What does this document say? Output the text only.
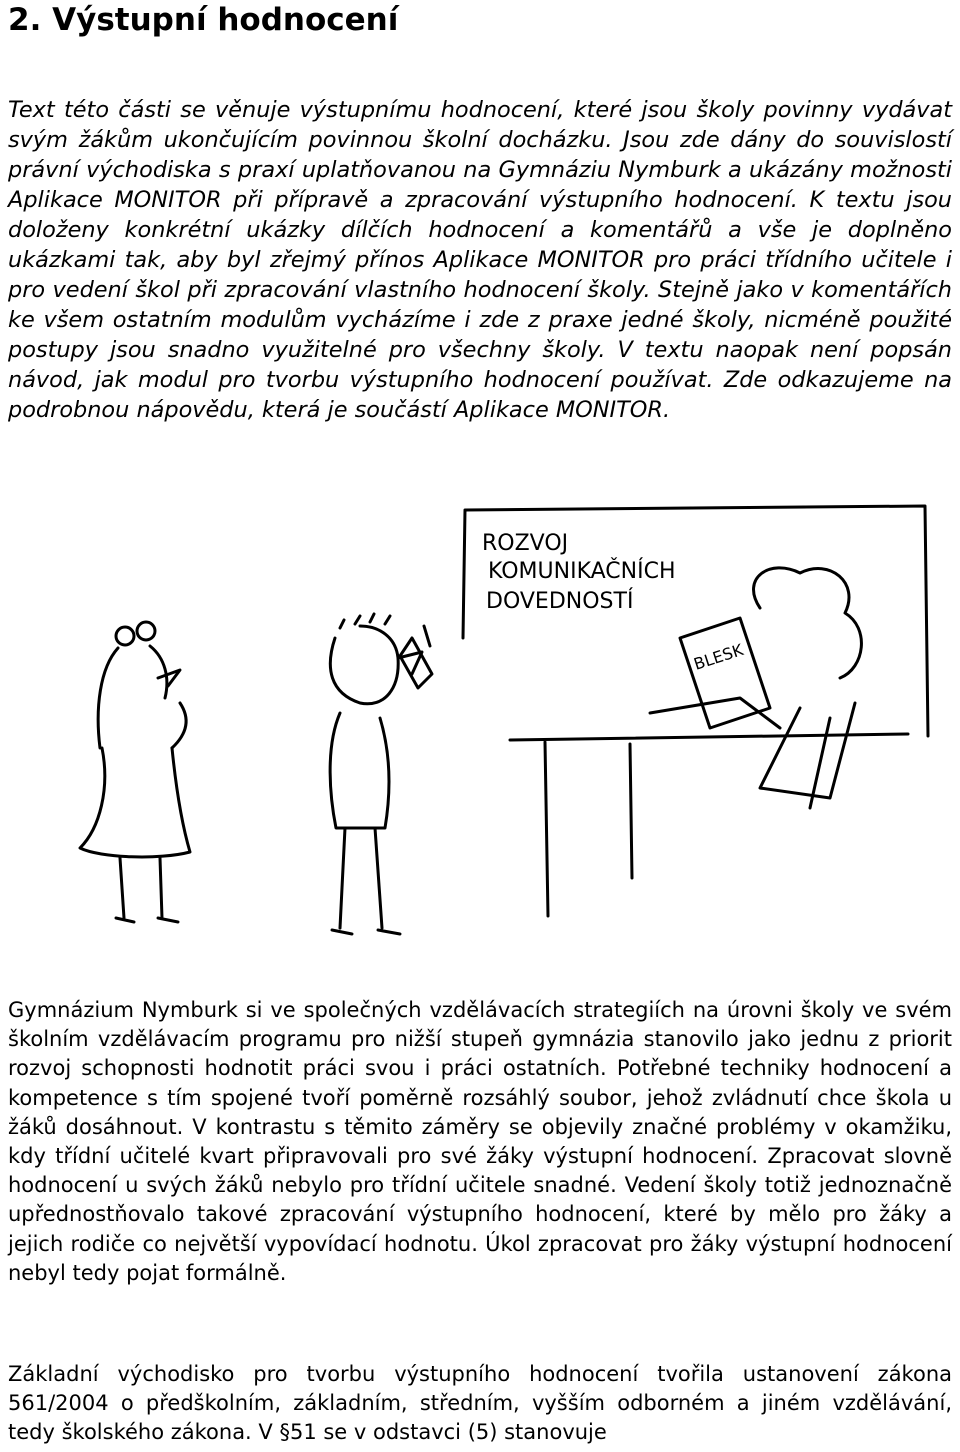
2. Výstupní hodnocení

Text této části se věnuje výstupnímu hodnocení, které jsou školy povinny vydávat svým žákům ukončujícím povinnou školní docházku. Jsou zde dány do souvislostí právní východiska s praxí uplatňovanou na Gymnáziu Nymburk a ukázány možnosti Aplikace MONITOR při přípravě a zpracování výstupního hodnocení. K textu jsou doloženy konkrétní ukázky dílčích hodnocení a komentářů a vše je doplněno ukázkami tak, aby byl zřejmý přínos Aplikace MONITOR pro práci třídního učitele i pro vedení škol při zpracování vlastního hodnocení školy. Stejně jako v komentářích ke všem ostatním modulům vycházíme i zde z praxe jedné školy, nicméně použité postupy jsou snadno využitelné pro všechny školy. V textu naopak není popsán návod, jak modul pro tvorbu výstupního hodnocení používat. Zde odkazujeme na podrobnou nápovědu, která je součástí Aplikace MONITOR.

ROZVOJ
KOMUNIKAČNÍCH
DOVEDNOSTÍ
BLESK

Gymnázium Nymburk si ve společných vzdělávacích strategiích na úrovni školy ve svém školním vzdělávacím programu pro nižší stupeň gymnázia stanovilo jako jednu z priorit rozvoj schopnosti hodnotit práci svou i práci ostatních. Potřebné techniky hodnocení a kompetence s tím spojené tvoří poměrně rozsáhlý soubor, jehož zvládnutí chce škola u žáků dosáhnout. V kontrastu s těmito záměry se objevily značné problémy v okamžiku, kdy třídní učitelé kvart připravovali pro své žáky výstupní hodnocení. Zpracovat slovně hodnocení u svých žáků nebylo pro třídní učitele snadné. Vedení školy totiž jednoznačně upřednostňovalo takové zpracování výstupního hodnocení, které by mělo pro žáky a jejich rodiče co největší vypovídací hodnotu. Úkol zpracovat pro žáky výstupní hodnocení nebyl tedy pojat formálně.

Základní východisko pro tvorbu výstupního hodnocení tvořila ustanovení zákona 561/2004 o předškolním, základním, středním, vyšším odborném a jiném vzdělávání, tedy školského zákona. V §51 se v odstavci (5) stanovuje
